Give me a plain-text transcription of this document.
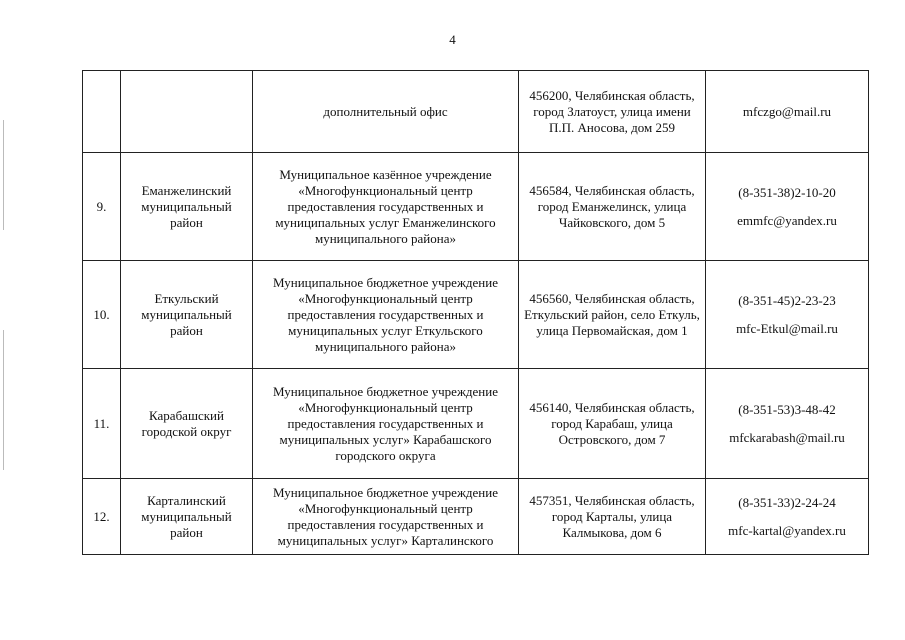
4

		дополнительный офис	456200, Челябинская область, город Златоуст, улица имени П.П. Аносова, дом 259	mfczgo@mail.ru

9.	Еманжелинский муниципальный район	Муниципальное казённое учреждение «Многофункциональный центр предоставления государственных и муниципальных услуг Еманжелинского муниципального района»	456584, Челябинская область, город Еманжелинск, улица Чайковского, дом 5	(8-351-38)2-10-20
emmfc@yandex.ru

10.	Еткульский муниципальный район	Муниципальное бюджетное учреждение «Многофункциональный центр предоставления государственных и муниципальных услуг Еткульского муниципального района»	456560, Челябинская область, Еткульский район, село Еткуль, улица Первомайская, дом 1	(8-351-45)2-23-23
mfc-Etkul@mail.ru

11.	Карабашский городской округ	Муниципальное бюджетное учреждение «Многофункциональный центр предоставления государственных и муниципальных услуг» Карабашского городского округа	456140, Челябинская область, город Карабаш, улица Островского, дом 7	(8-351-53)3-48-42
mfckarabash@mail.ru

12.	Карталинский муниципальный район	Муниципальное бюджетное учреждение «Многофункциональный центр предоставления государственных и муниципальных услуг» Карталинского	457351, Челябинская область, город Карталы, улица Калмыкова, дом 6	(8-351-33)2-24-24
mfc-kartal@yandex.ru
